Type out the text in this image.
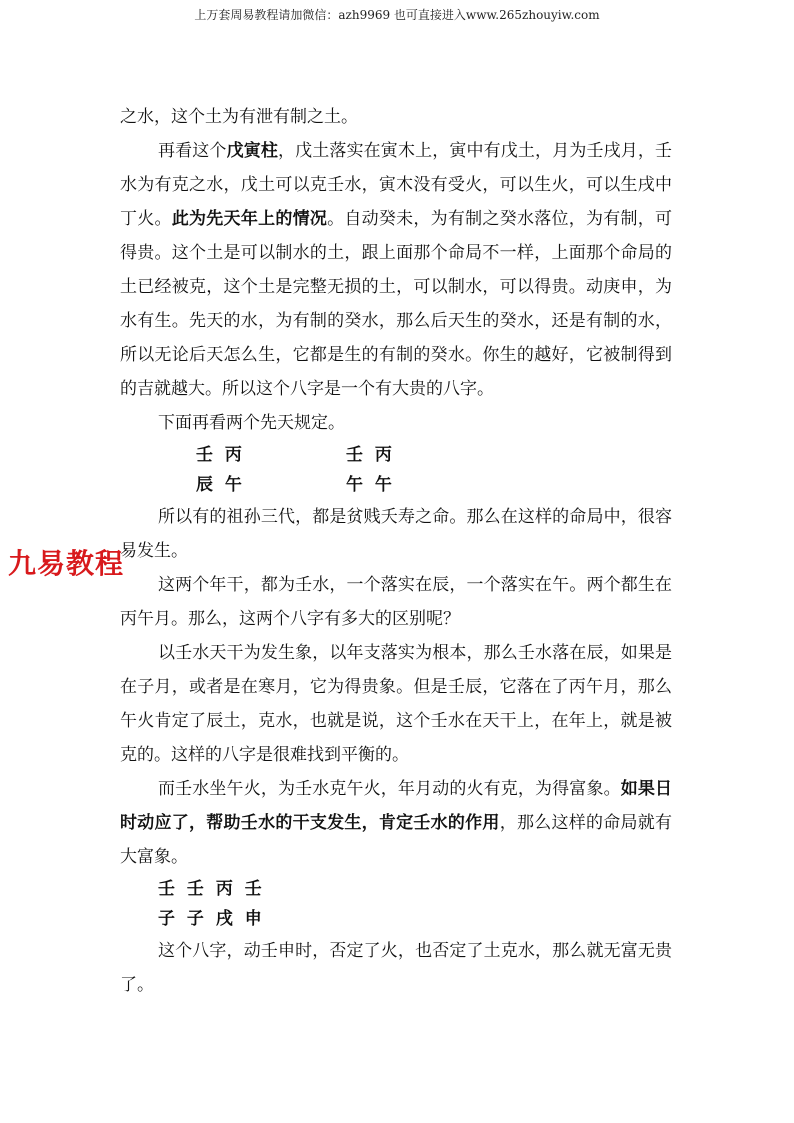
上万套周易教程请加微信：azh9969 也可直接进入www.265zhouyiw.com
九易教程

之水，这个土为有泄有制之土。

再看这个戊寅柱，戊土落实在寅木上，寅中有戊土，月为壬戌月，壬水为有克之水，戊土可以克壬水，寅木没有受火，可以生火，可以生戌中丁火。此为先天年上的情况。自动癸未，为有制之癸水落位，为有制，可得贵。这个土是可以制水的土，跟上面那个命局不一样，上面那个命局的土已经被克，这个土是完整无损的土，可以制水，可以得贵。动庚申，为水有生。先天的水，为有制的癸水，那么后天生的癸水，还是有制的水，所以无论后天怎么生，它都是生的有制的癸水。你生的越好，它被制得到的吉就越大。所以这个八字是一个有大贵的八字。

下面再看两个先天规定。

壬 丙	壬 丙
辰 午	午 午

所以有的祖孙三代，都是贫贱夭寿之命。那么在这样的命局中，很容易发生。

这两个年干，都为壬水，一个落实在辰，一个落实在午。两个都生在丙午月。那么，这两个八字有多大的区别呢？

以壬水天干为发生象，以年支落实为根本，那么壬水落在辰，如果是在子月，或者是在寒月，它为得贵象。但是壬辰，它落在了丙午月，那么午火肯定了辰土，克水，也就是说，这个壬水在天干上，在年上，就是被克的。这样的八字是很难找到平衡的。

而壬水坐午火，为壬水克午火，年月动的火有克，为得富象。如果日时动应了，帮助壬水的干支发生，肯定壬水的作用，那么这样的命局就有大富象。

壬 壬 丙 壬
子 子 戌 申

这个八字，动壬申时，否定了火，也否定了土克水，那么就无富无贵了。
